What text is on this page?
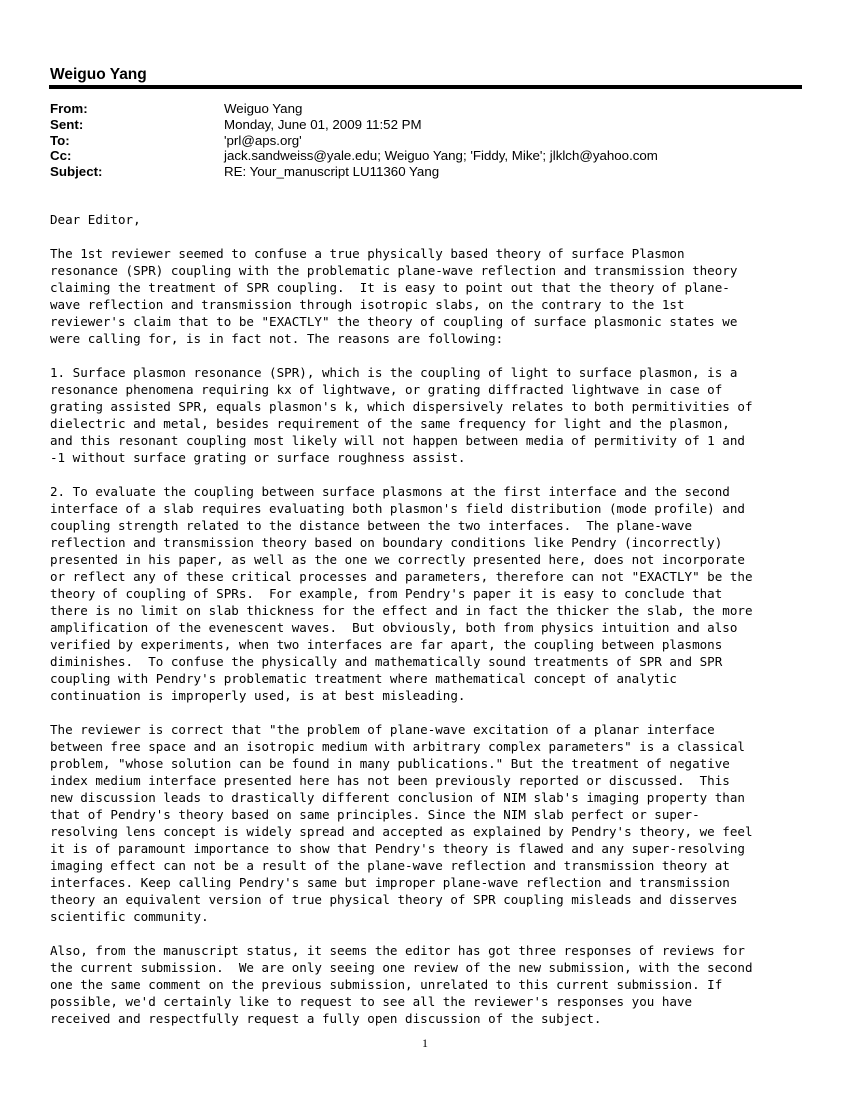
Weiguo Yang
From:	Weiguo Yang
Sent:	Monday, June 01, 2009 11:52 PM
To:	'prl@aps.org'
Cc:	jack.sandweiss@yale.edu; Weiguo Yang; 'Fiddy, Mike'; jlklch@yahoo.com
Subject:	RE: Your_manuscript LU11360 Yang
Dear Editor,

The 1st reviewer seemed to confuse a true physically based theory of surface Plasmon
resonance (SPR) coupling with the problematic plane-wave reflection and transmission theory
claiming the treatment of SPR coupling.  It is easy to point out that the theory of plane-
wave reflection and transmission through isotropic slabs, on the contrary to the 1st
reviewer's claim that to be "EXACTLY" the theory of coupling of surface plasmonic states we
were calling for, is in fact not. The reasons are following:

1. Surface plasmon resonance (SPR), which is the coupling of light to surface plasmon, is a
resonance phenomena requiring kx of lightwave, or grating diffracted lightwave in case of
grating assisted SPR, equals plasmon's k, which dispersively relates to both permitivities of
dielectric and metal, besides requirement of the same frequency for light and the plasmon,
and this resonant coupling most likely will not happen between media of permitivity of 1 and
-1 without surface grating or surface roughness assist.

2. To evaluate the coupling between surface plasmons at the first interface and the second
interface of a slab requires evaluating both plasmon's field distribution (mode profile) and
coupling strength related to the distance between the two interfaces.  The plane-wave
reflection and transmission theory based on boundary conditions like Pendry (incorrectly)
presented in his paper, as well as the one we correctly presented here, does not incorporate
or reflect any of these critical processes and parameters, therefore can not "EXACTLY" be the
theory of coupling of SPRs.  For example, from Pendry's paper it is easy to conclude that
there is no limit on slab thickness for the effect and in fact the thicker the slab, the more
amplification of the evenescent waves.  But obviously, both from physics intuition and also
verified by experiments, when two interfaces are far apart, the coupling between plasmons
diminishes.  To confuse the physically and mathematically sound treatments of SPR and SPR
coupling with Pendry's problematic treatment where mathematical concept of analytic
continuation is improperly used, is at best misleading.

The reviewer is correct that "the problem of plane-wave excitation of a planar interface
between free space and an isotropic medium with arbitrary complex parameters" is a classical
problem, "whose solution can be found in many publications." But the treatment of negative
index medium interface presented here has not been previously reported or discussed.  This
new discussion leads to drastically different conclusion of NIM slab's imaging property than
that of Pendry's theory based on same principles. Since the NIM slab perfect or super-
resolving lens concept is widely spread and accepted as explained by Pendry's theory, we feel
it is of paramount importance to show that Pendry's theory is flawed and any super-resolving
imaging effect can not be a result of the plane-wave reflection and transmission theory at
interfaces. Keep calling Pendry's same but improper plane-wave reflection and transmission
theory an equivalent version of true physical theory of SPR coupling misleads and disserves
scientific community.

Also, from the manuscript status, it seems the editor has got three responses of reviews for
the current submission.  We are only seeing one review of the new submission, with the second
one the same comment on the previous submission, unrelated to this current submission. If
possible, we'd certainly like to request to see all the reviewer's responses you have
received and respectfully request a fully open discussion of the subject.
1
